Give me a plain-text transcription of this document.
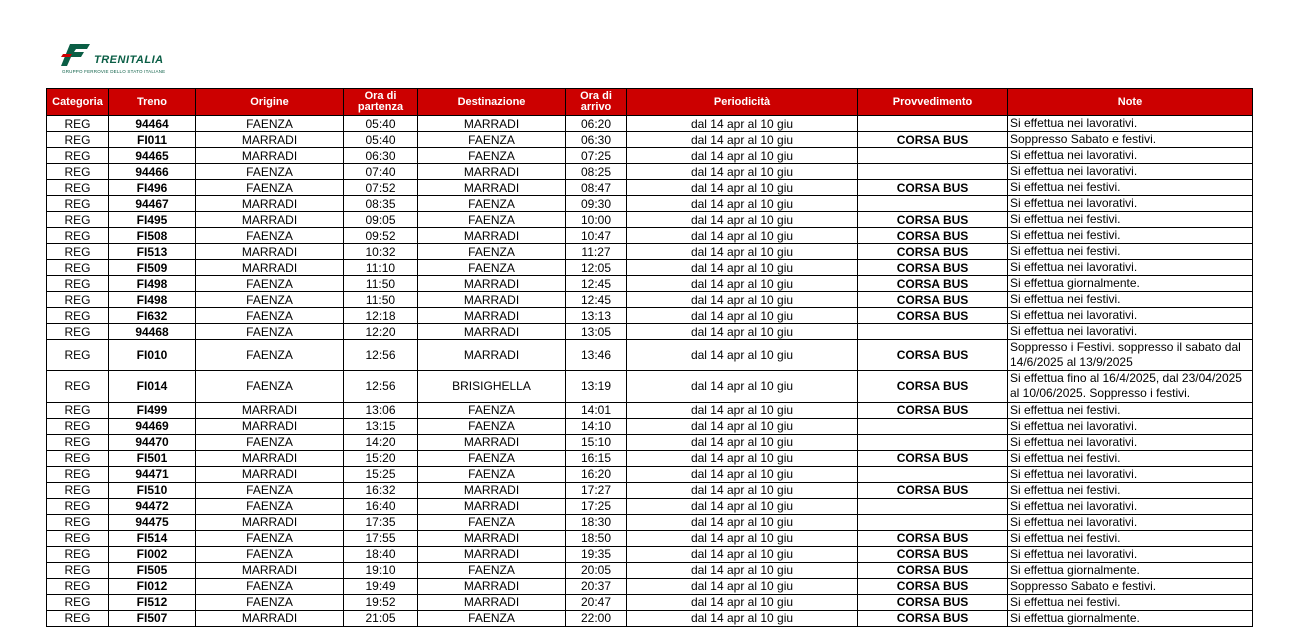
TRENITALIA
GRUPPO FERROVIE DELLO STATO ITALIANE
Categoria	Treno	Origine	Ora di partenza	Destinazione	Ora di arrivo	Periodicità	Provvedimento	Note
REG	94464	FAENZA	05:40	MARRADI	06:20	dal 14 apr al 10 giu		Si effettua nei lavorativi.
REG	FI011	MARRADI	05:40	FAENZA	06:30	dal 14 apr al 10 giu	CORSA BUS	Soppresso Sabato e festivi.
REG	94465	MARRADI	06:30	FAENZA	07:25	dal 14 apr al 10 giu		Si effettua nei lavorativi.
REG	94466	FAENZA	07:40	MARRADI	08:25	dal 14 apr al 10 giu		Si effettua nei lavorativi.
REG	FI496	FAENZA	07:52	MARRADI	08:47	dal 14 apr al 10 giu	CORSA BUS	Si effettua nei festivi.
REG	94467	MARRADI	08:35	FAENZA	09:30	dal 14 apr al 10 giu		Si effettua nei lavorativi.
REG	FI495	MARRADI	09:05	FAENZA	10:00	dal 14 apr al 10 giu	CORSA BUS	Si effettua nei festivi.
REG	FI508	FAENZA	09:52	MARRADI	10:47	dal 14 apr al 10 giu	CORSA BUS	Si effettua nei festivi.
REG	FI513	MARRADI	10:32	FAENZA	11:27	dal 14 apr al 10 giu	CORSA BUS	Si effettua nei festivi.
REG	FI509	MARRADI	11:10	FAENZA	12:05	dal 14 apr al 10 giu	CORSA BUS	Si effettua nei lavorativi.
REG	FI498	FAENZA	11:50	MARRADI	12:45	dal 14 apr al 10 giu	CORSA BUS	Si effettua giornalmente.
REG	FI498	FAENZA	11:50	MARRADI	12:45	dal 14 apr al 10 giu	CORSA BUS	Si effettua nei festivi.
REG	FI632	FAENZA	12:18	MARRADI	13:13	dal 14 apr al 10 giu	CORSA BUS	Si effettua nei lavorativi.
REG	94468	FAENZA	12:20	MARRADI	13:05	dal 14 apr al 10 giu		Si effettua nei lavorativi.
REG	FI010	FAENZA	12:56	MARRADI	13:46	dal 14 apr al 10 giu	CORSA BUS	Soppresso i Festivi. soppresso il sabato dal 14/6/2025 al 13/9/2025
REG	FI014	FAENZA	12:56	BRISIGHELLA	13:19	dal 14 apr al 10 giu	CORSA BUS	Si effettua fino al 16/4/2025, dal 23/04/2025 al 10/06/2025. Soppresso i festivi.
REG	FI499	MARRADI	13:06	FAENZA	14:01	dal 14 apr al 10 giu	CORSA BUS	Si effettua nei festivi.
REG	94469	MARRADI	13:15	FAENZA	14:10	dal 14 apr al 10 giu		Si effettua nei lavorativi.
REG	94470	FAENZA	14:20	MARRADI	15:10	dal 14 apr al 10 giu		Si effettua nei lavorativi.
REG	FI501	MARRADI	15:20	FAENZA	16:15	dal 14 apr al 10 giu	CORSA BUS	Si effettua nei festivi.
REG	94471	MARRADI	15:25	FAENZA	16:20	dal 14 apr al 10 giu		Si effettua nei lavorativi.
REG	FI510	FAENZA	16:32	MARRADI	17:27	dal 14 apr al 10 giu	CORSA BUS	Si effettua nei festivi.
REG	94472	FAENZA	16:40	MARRADI	17:25	dal 14 apr al 10 giu		Si effettua nei lavorativi.
REG	94475	MARRADI	17:35	FAENZA	18:30	dal 14 apr al 10 giu		Si effettua nei lavorativi.
REG	FI514	FAENZA	17:55	MARRADI	18:50	dal 14 apr al 10 giu	CORSA BUS	Si effettua nei festivi.
REG	FI002	FAENZA	18:40	MARRADI	19:35	dal 14 apr al 10 giu	CORSA BUS	Si effettua nei lavorativi.
REG	FI505	MARRADI	19:10	FAENZA	20:05	dal 14 apr al 10 giu	CORSA BUS	Si effettua giornalmente.
REG	FI012	FAENZA	19:49	MARRADI	20:37	dal 14 apr al 10 giu	CORSA BUS	Soppresso Sabato e festivi.
REG	FI512	FAENZA	19:52	MARRADI	20:47	dal 14 apr al 10 giu	CORSA BUS	Si effettua nei festivi.
REG	FI507	MARRADI	21:05	FAENZA	22:00	dal 14 apr al 10 giu	CORSA BUS	Si effettua giornalmente.
